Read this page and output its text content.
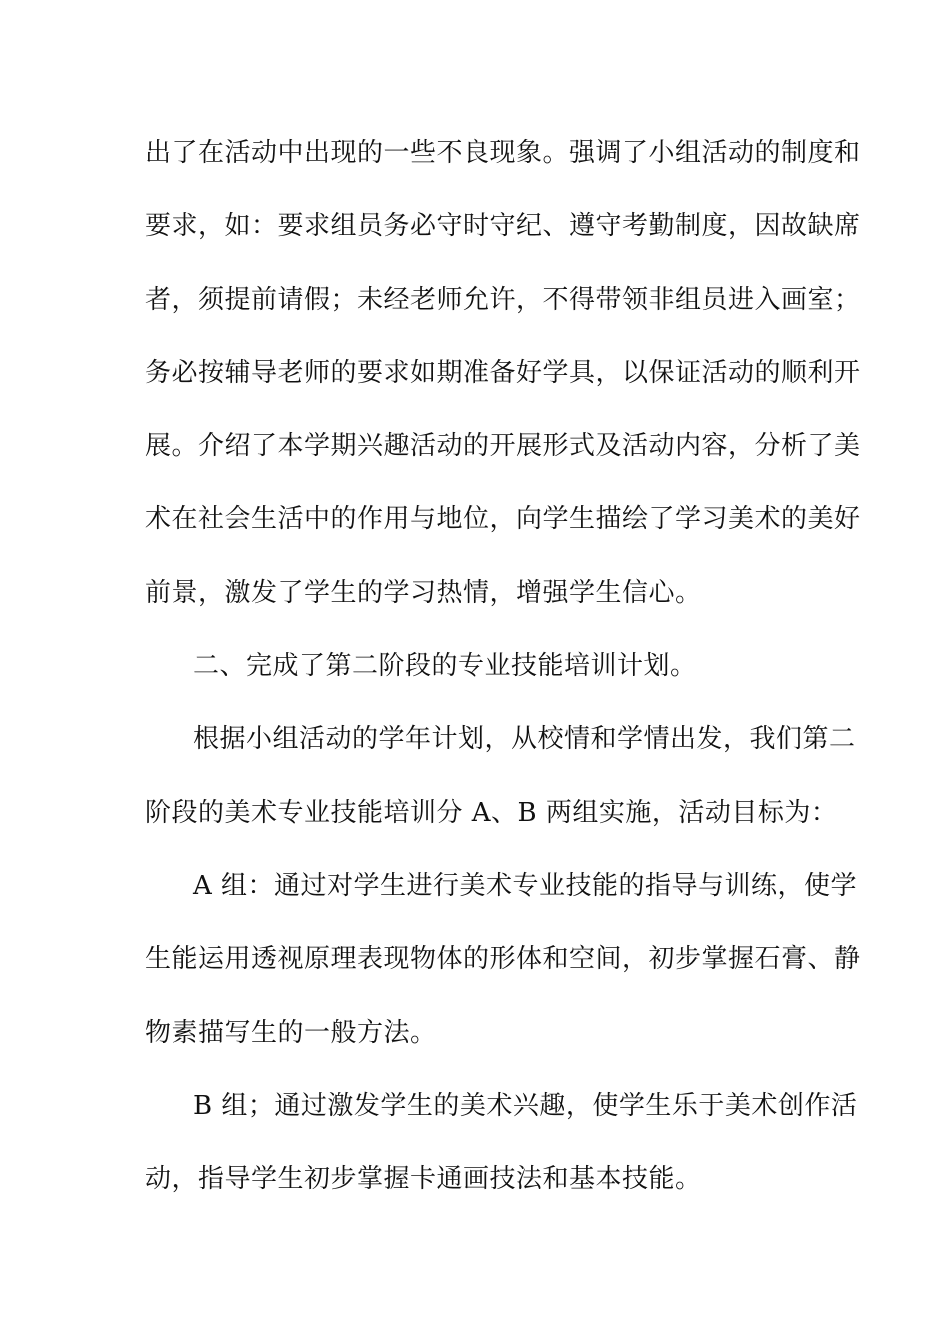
出了在活动中出现的一些不良现象。强调了小组活动的制度和
要求，如：要求组员务必守时守纪、遵守考勤制度，因故缺席
者，须提前请假；未经老师允许，不得带领非组员进入画室；
务必按辅导老师的要求如期准备好学具，以保证活动的顺利开
展。介绍了本学期兴趣活动的开展形式及活动内容，分析了美
术在社会生活中的作用与地位，向学生描绘了学习美术的美好
前景，激发了学生的学习热情，增强学生信心。
二、完成了第二阶段的专业技能培训计划。
根据小组活动的学年计划，从校情和学情出发，我们第二
阶段的美术专业技能培训分 A、B 两组实施，活动目标为：
A 组：通过对学生进行美术专业技能的指导与训练，使学
生能运用透视原理表现物体的形体和空间，初步掌握石膏、静
物素描写生的一般方法。
B 组；通过激发学生的美术兴趣，使学生乐于美术创作活
动，指导学生初步掌握卡通画技法和基本技能。
